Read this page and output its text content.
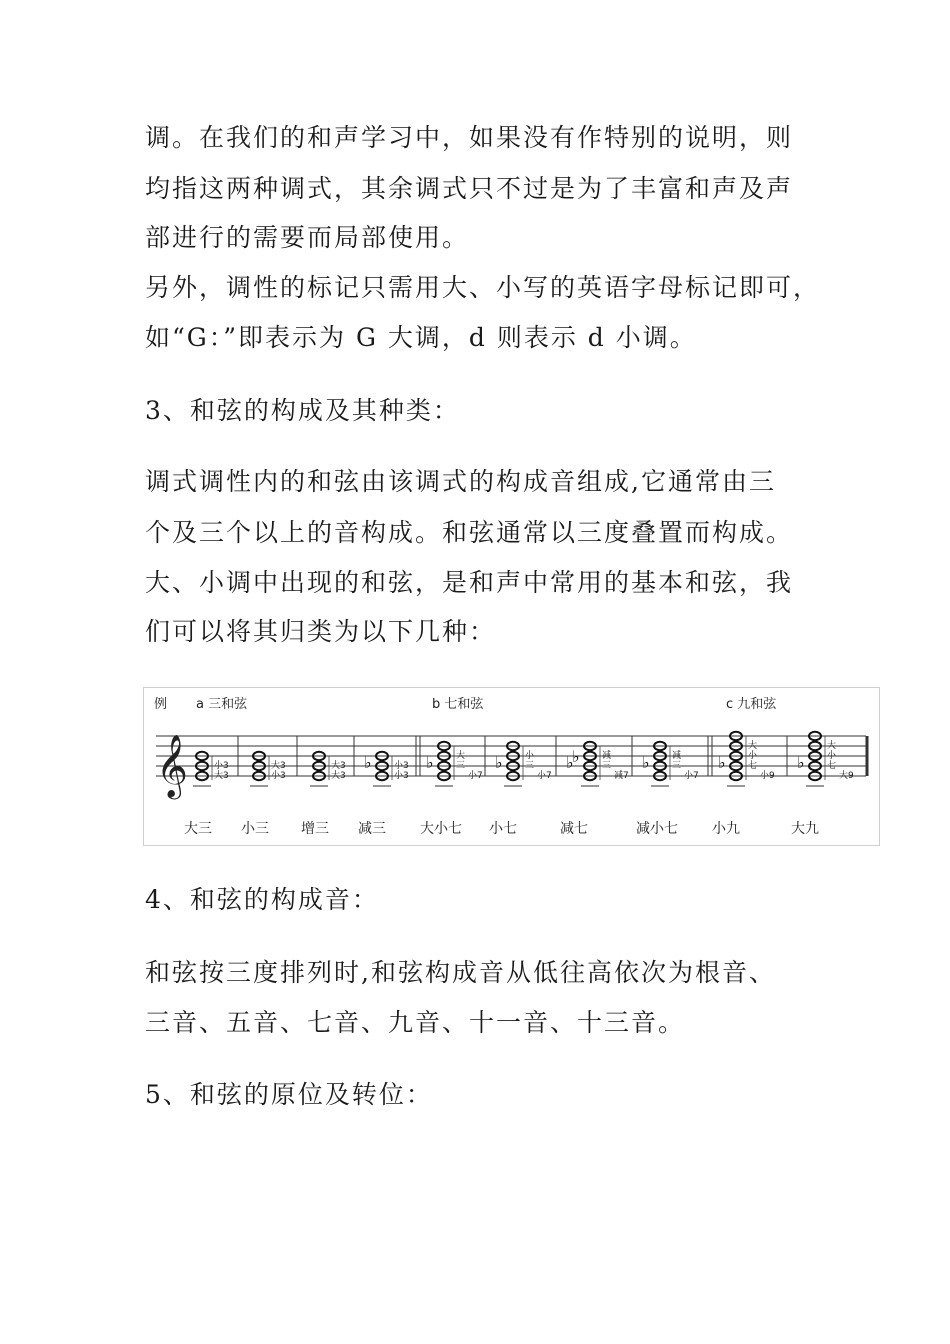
调。在我们的和声学习中，如果没有作特别的说明，则

均指这两种调式，其余调式只不过是为了丰富和声及声

部进行的需要而局部使用。

另外，调性的标记只需用大、小写的英语字母标记即可，

如“G：”即表示为 G 大调，d 则表示 d 小调。

3、和弦的构成及其种类：

调式调性内的和弦由该调式的构成音组成,它通常由三

个及三个以上的音构成。和弦通常以三度叠置而构成。

大、小调中出现的和弦，是和声中常用的基本和弦，我

们可以将其归类为以下几种：

4、和弦的构成音：

和弦按三度排列时,和弦构成音从低往高依次为根音、

三音、五音、七音、九音、十一音、十三音。

5、和弦的原位及转位：

例 a 三和弦	b 七和弦	c 九和弦
𝄞	小3
大3
大三
大3
小3
小三
大3
大3
增三
♭ 小3
小3
减三
♭ 大
三
小7
大小七
♭ 小
三
小7
小七
♭
♭ 减
三
减7
减七
♭ 减
三
小7
减小七
♭
大
小
七
小9
小九
♭
大
小
七
大9
大九
